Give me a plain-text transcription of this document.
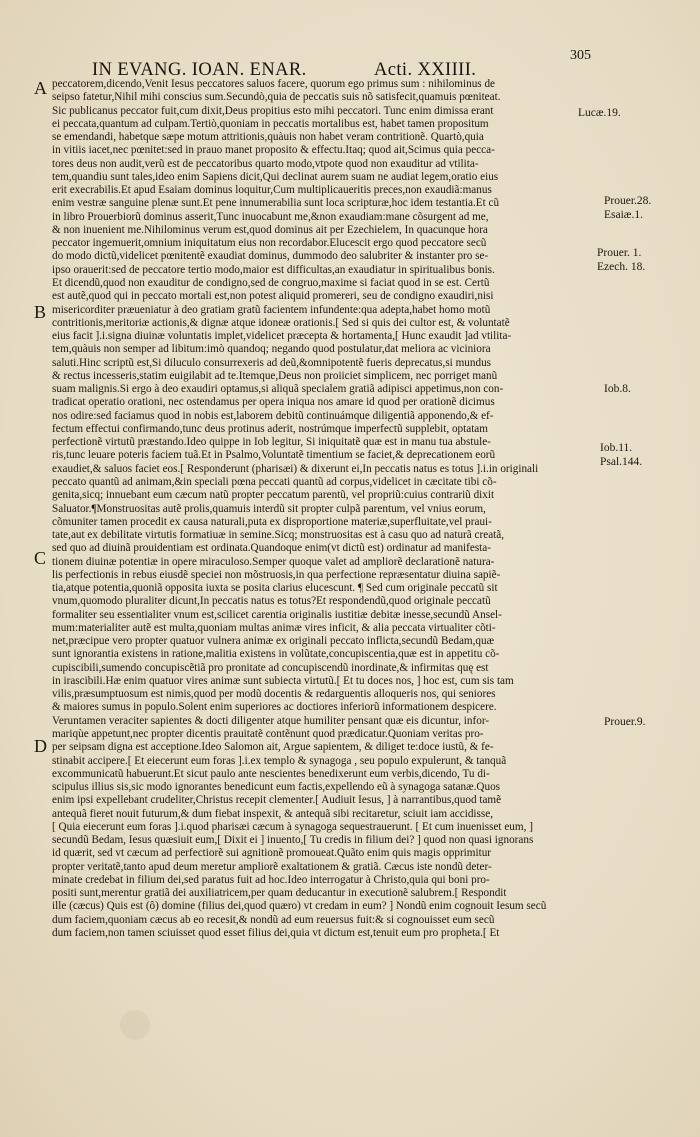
IN EVANG. IOAN. ENAR.	Acti. XXIIII.
305
A
B
C
D
peccatorem,dicendo,Venit Iesus peccatores saluos facere, quorum ego primus sum : nihilominus de
seipso fatetur,Nihil mihi conscius sum.Secundò,quia de peccatis suis nõ satisfecit,quamuis pœniteat.
Sic publicanus peccator fuit,cum dixit,Deus propitius esto mihi peccatori. Tunc enim dimissa erant
ei peccata,quantum ad culpam.Tertiò,quoniam in peccatis mortalibus est, habet tamen propositum
se emendandi, habetque sæpe motum attritionis,quàuis non habet veram contritionẽ. Quartò,quia
in vitiis iacet,nec pœnitet:sed in prauo manet proposito & effectu.Itaq; quod ait,Scimus quia pecca-
tores deus non audit,verũ est de peccatoribus quarto modo,vtpote quod non exauditur ad vtilita-
tem,quandiu sunt tales,ideo enim Sapiens dicit,Qui declinat aurem suam ne audiat legem,oratio eius
erit execrabilis.Et apud Esaiam dominus loquitur,Cum multiplicaueritis preces,non exaudiã:manus
enim vestræ sanguine plenæ sunt.Et pene innumerabilia sunt loca scripturæ,hoc idem testantia.Et cũ
in libro Prouerbiorũ dominus asserit,Tunc inuocabunt me,&non exaudiam:mane cõsurgent ad me,
& non inuenient me.Nihilominus verum est,quod dominus ait per Ezechielem, In quacunque hora
peccator ingemuerit,omnium iniquitatum eius non recordabor.Elucescit ergo quod peccatore secũ
do modo dictũ,videlicet pœnitentẽ exaudiat dominus, dummodo deo salubriter & instanter pro se-
ipso orauerit:sed de peccatore tertio modo,maior est difficultas,an exaudiatur in spiritualibus bonis.
Et dicendũ,quod non exauditur de condigno,sed de congruo,maxime si faciat quod in se est. Certũ
est autẽ,quod qui in peccato mortali est,non potest aliquid promereri, seu de condigno exaudiri,nisi
misericorditer præueniatur à deo gratiam gratũ facientem infundente:qua adepta,habet homo motũ
contritionis,meritoriæ actionis,& dignæ atque idoneæ orationis.[ Sed si quis dei cultor est, & voluntatẽ
eius facit ].i.signa diuinæ voluntatis implet,videlicet præcepta & hortamenta,[ Hunc exaudit ]ad vtilita-
tem,quàuis non semper ad libitum:imò quandoq; negando quod postulatur,dat meliora ac viciniora
saluti.Hinc scriptũ est,Si diluculo consurrexeris ad deũ,&omnipotentẽ fueris deprecatus,si mundus
& rectus incesseris,statim euigilabit ad te.Itemque,Deus non proiiciet simplicem, nec porriget manũ
suam malignis.Si ergo à deo exaudiri optamus,si aliquã specialem gratiã adipisci appetimus,non con-
tradicat operatio orationi, nec ostendamus per opera iniqua nos amare id quod per orationẽ dicimus
nos odire:sed faciamus quod in nobis est,laborem debitũ continuámque diligentiã apponendo,& ef-
fectum effectui confirmando,tunc deus protinus aderit, nostrúmque imperfectũ supplebit, optatam
perfectionẽ virtutũ præstando.Ideo quippe in Iob legitur, Si iniquitatẽ quæ est in manu tua abstule-
ris,tunc leuare poteris faciem tuã.Et in Psalmo,Voluntatẽ timentium se faciet,& deprecationem eorũ
exaudiet,& saluos faciet eos.[ Responderunt (pharisæi) & dixerunt ei,In peccatis natus es totus ].i.in originali
peccato quantũ ad animam,&in speciali pœna peccati quantũ ad corpus,videlicet in cæcitate tibi cõ-
genita,sicq; innuebant eum cæcum natũ propter peccatum parentũ, vel propriũ:cuius contrariũ dixit
Saluator.¶Monstruositas autẽ prolis,quamuis interdũ sit propter culpã parentum, vel vnius eorum,
cõmuniter tamen procedit ex causa naturali,puta ex disproportione materiæ,superfluitate,vel praui-
tate,aut ex debilitate virtutis formatiuæ in semine.Sicq; monstruositas est à casu quo ad naturã creatã,
sed quo ad diuinã prouidentiam est ordinata.Quandoque enim(vt dictũ est) ordinatur ad manifesta-
tionem diuinæ potentiæ in opere miraculoso.Semper quoque valet ad ampliorẽ declarationẽ natura-
lis perfectionis in rebus eiusdẽ speciei non mõstruosis,in qua perfectione repræsentatur diuina sapiẽ-
tia,atque potentia,quoniã opposita iuxta se posita clarius elucescunt. ¶ Sed cum originale peccatũ sit
vnum,quomodo pluraliter dicunt,In peccatis natus es totus?Et respondendũ,quod originale peccatũ
formaliter seu essentialiter vnum est,scilicet carentia originalis iustitiæ debitæ inesse,secundũ Ansel-
mum:materialiter autẽ est multa,quoniam multas animæ vires inficit, & alia peccata virtualiter cõti-
net,præcipue vero propter quatuor vulnera animæ ex originali peccato inflicta,secundũ Bedam,quæ
sunt ignorantia existens in ratione,malitia existens in volũtate,concupiscentia,quæ est in appetitu cõ-
cupiscibili,sumendo concupiscẽtiã pro pronitate ad concupiscendũ inordinate,& infirmitas quę est
in irascibili.Hæ enim quatuor vires animæ sunt subiecta virtutũ.[ Et tu doces nos, ] hoc est, cum sis tam
vilis,præsumptuosum est nimis,quod per modũ docentis & redarguentis alloqueris nos, qui seniores
& maiores sumus in populo.Solent enim superiores ac doctiores inferiorũ informationem despicere.
Veruntamen veraciter sapientes & docti diligenter atque humiliter pensant quæ eis dicuntur, infor-
mariqùe appetunt,nec propter dicentis prauitatẽ contẽnunt quod prædicatur.Quoniam veritas pro-
per seipsam digna est acceptione.Ideo Salomon ait, Argue sapientem, & diliget te:doce iustũ, & fe-
stinabit accipere.[ Et eiecerunt eum foras ].i.ex templo & synagoga , seu populo expulerunt, & tanquã
excommunicatũ habuerunt.Et sicut paulo ante nescientes benedixerunt eum verbis,dicendo, Tu di-
scipulus illius sis,sic modo ignorantes benedicunt eum factis,expellendo eũ à synagoga satanæ.Quos
enim ipsi expellebant crudeliter,Christus recepit clementer.[ Audiuit Iesus, ] à narrantibus,quod tamẽ
antequã fieret nouit futurum,& dum fiebat inspexit, & antequã sibi recitaretur, sciuit iam accidisse,
[ Quia eiecerunt eum foras ].i.quod pharisæi cæcum à synagoga sequestrauerunt. [ Et cum inuenisset eum, ]
secundũ Bedam, Iesus quæsiuit eum,[ Dixit ei ] inuento,[ Tu credis in filium dei? ] quod non quasi ignorans
id quærit, sed vt cæcum ad perfectiorẽ sui agnitionẽ promoueat.Quãto enim quis magis opprimitur
propter veritatẽ,tanto apud deum meretur ampliorẽ exaltationem & gratiã. Cæcus iste nondũ deter-
minate credebat in filium dei,sed paratus fuit ad hoc.Ideo interrogatur à Christo,quia qui boni pro-
positi sunt,merentur gratiã dei auxiliatricem,per quam deducantur in executionẽ salubrem.[ Respondit
ille (cæcus) Quis est (ô) domine (filius dei,quod quæro) vt credam in eum? ] Nondũ enim cognouit Iesum secũ
dum faciem,quoniam cæcus ab eo recesit,& nondũ ad eum reuersus fuit:& si cognouisset eum secũ
dum faciem,non tamen sciuisset quod esset filius dei,quia vt dictum est,tenuit eum pro propheta.[ Et
Lucæ.19.
Prouer.28.
Esaiæ.1.
Prouer. 1.
Ezech. 18.
Iob.8.
Iob.11.
Psal.144.
Prouer.9.
